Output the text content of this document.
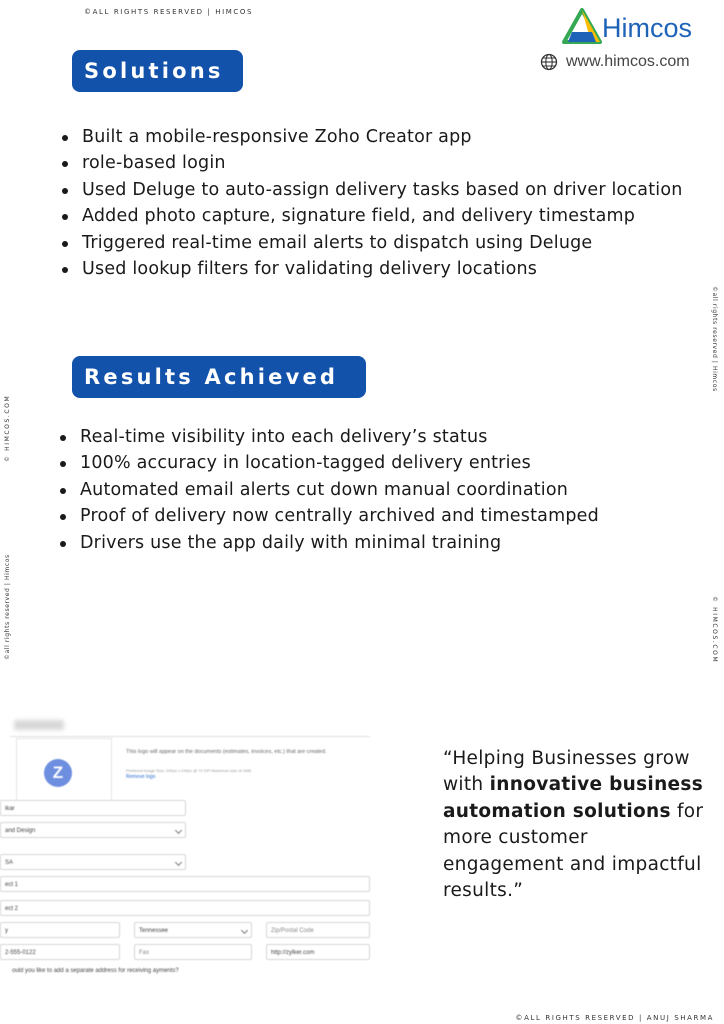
©ALL RIGHTS RESERVED | HIMCOS
Himcos
www.himcos.com
Solutions
Built a mobile-responsive Zoho Creator app
role-based login
Used Deluge to auto-assign delivery tasks based on driver location
Added photo capture, signature field, and delivery timestamp
Triggered real-time email alerts to dispatch using Deluge
Used lookup filters for validating delivery locations
Results Achieved
Real-time visibility into each delivery’s status
100% accuracy in location-tagged delivery entries
Automated email alerts cut down manual coordination
Proof of delivery now centrally archived and timestamped
Drivers use the app daily with minimal training
© HIMCOS.COM
©all rights reserved | Himcos
©all rights reserved | Himcos
© HIMCOS.COM
Z
This logo will appear on the documents (estimates, invoices, etc.) that are created.
Preferred Image Size: 240px x 240px @ 72 DPI Maximum size of 1MB.
Remove logo
ikar
and Design
SA
ect 1
ect 2
y	Tennessee	Zip/Postal Code
2-555-0122	Fax	http://zylker.com
ould you like to add a separate address for receiving ayments?
“Helping Businesses grow with innovative business automation solutions for more customer engagement and impactful results.”
©ALL RIGHTS RESERVED | ANUJ SHARMA
